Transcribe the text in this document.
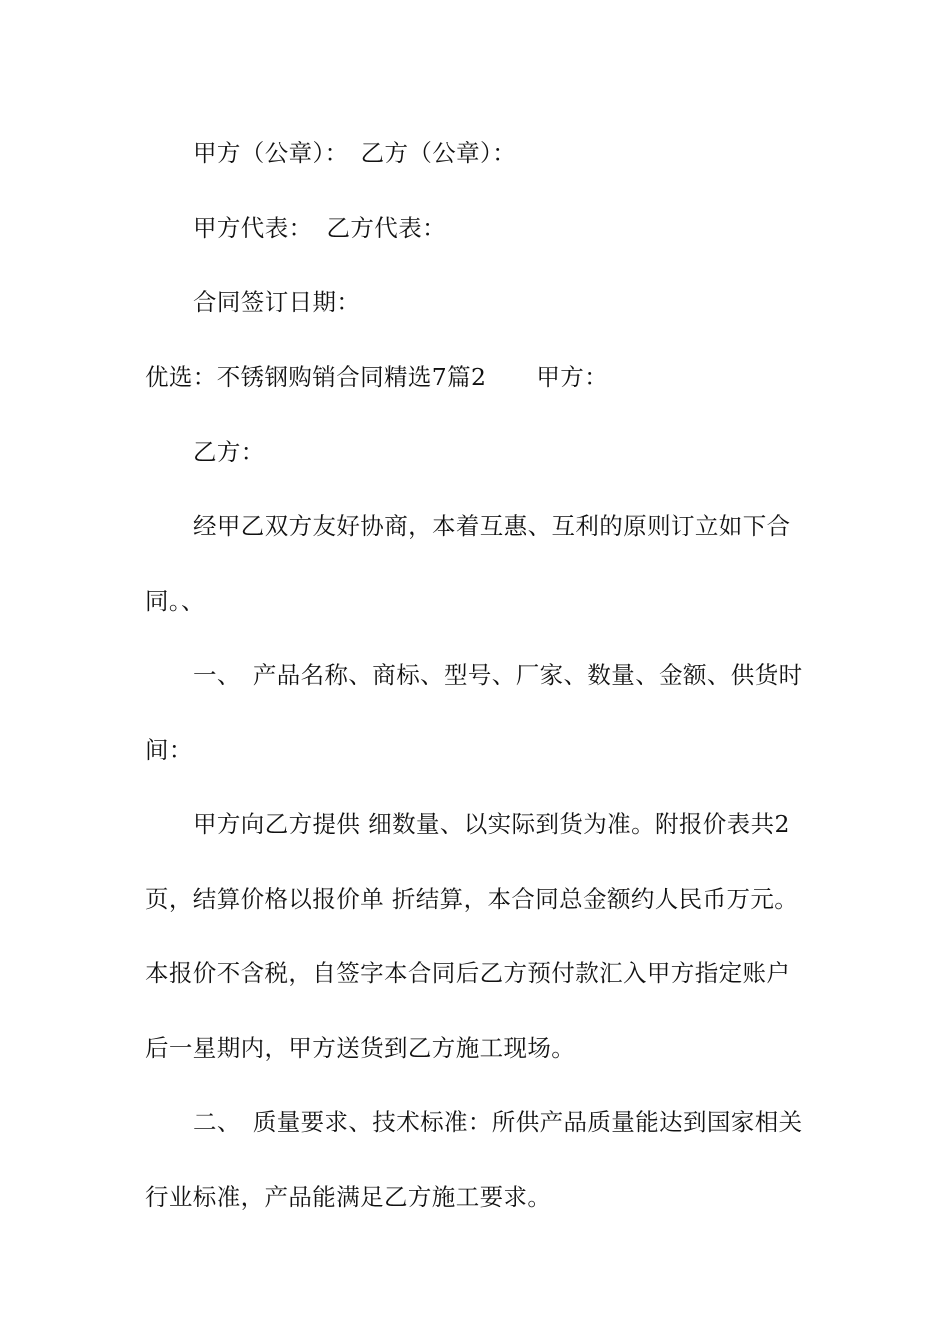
甲方（公章）： 乙方（公章）：
甲方代表： 乙方代表：
合同签订日期：
优选：不锈钢购销合同精选7篇2 甲方：
乙方：
经甲乙双方友好协商，本着互惠、互利的原则订立如下合
同。、
一、 产品名称、商标、型号、厂家、数量、金额、供货时
间：
甲方向乙方提供 细数量、以实际到货为准。附报价表共2
页，结算价格以报价单 折结算，本合同总金额约人民币万元。
本报价不含税，自签字本合同后乙方预付款汇入甲方指定账户
后一星期内，甲方送货到乙方施工现场。
二、 质量要求、技术标准：所供产品质量能达到国家相关
行业标准，产品能满足乙方施工要求。
